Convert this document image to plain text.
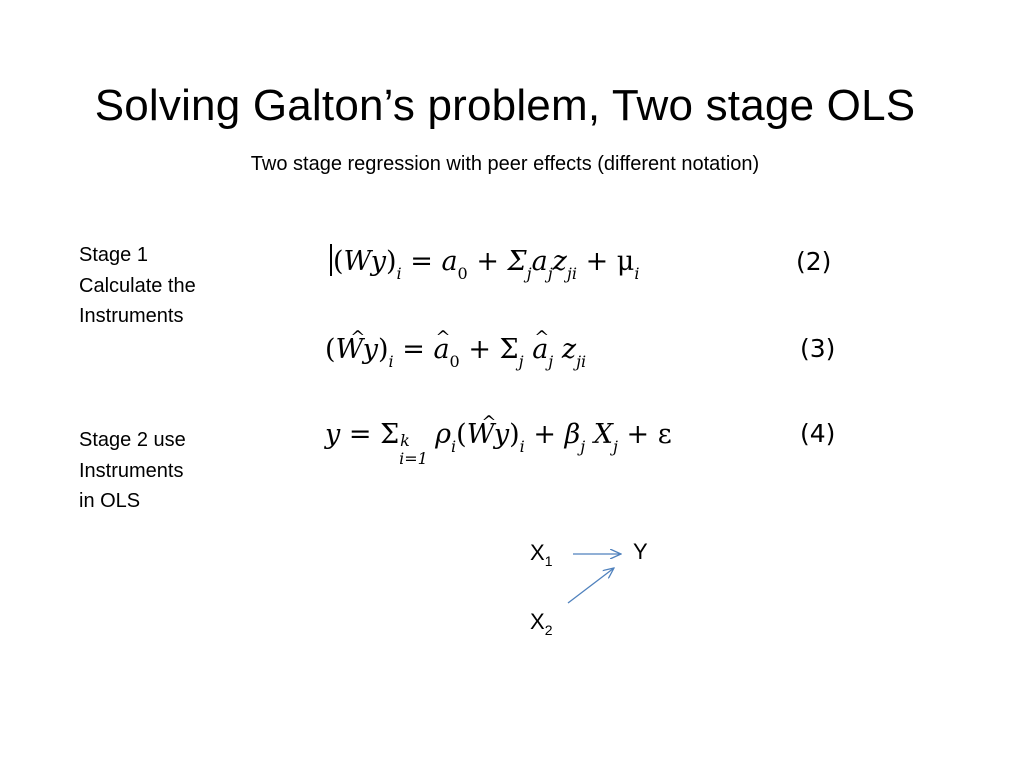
Solving Galton’s problem, Two stage OLS
Two stage regression with peer effects (different notation)
Stage 1
Calculate the
Instruments
Stage 2 use
Instruments
in OLS
$(Wy)_i = a_0 + \Sigma_ja_jz_{ji} + \mu_i$	(2)
(^ $Wy)_i$ = ^ $a_0 + \Sigma_j$ ^ $a_j$ $z_{ji}$	(3)
y = Σ k
i=1
$\rho_i(\^{}$ $Wy)_i + \beta_j$ $X_j + \varepsilon$	(4)
$X_1$
$X_2$
Y
